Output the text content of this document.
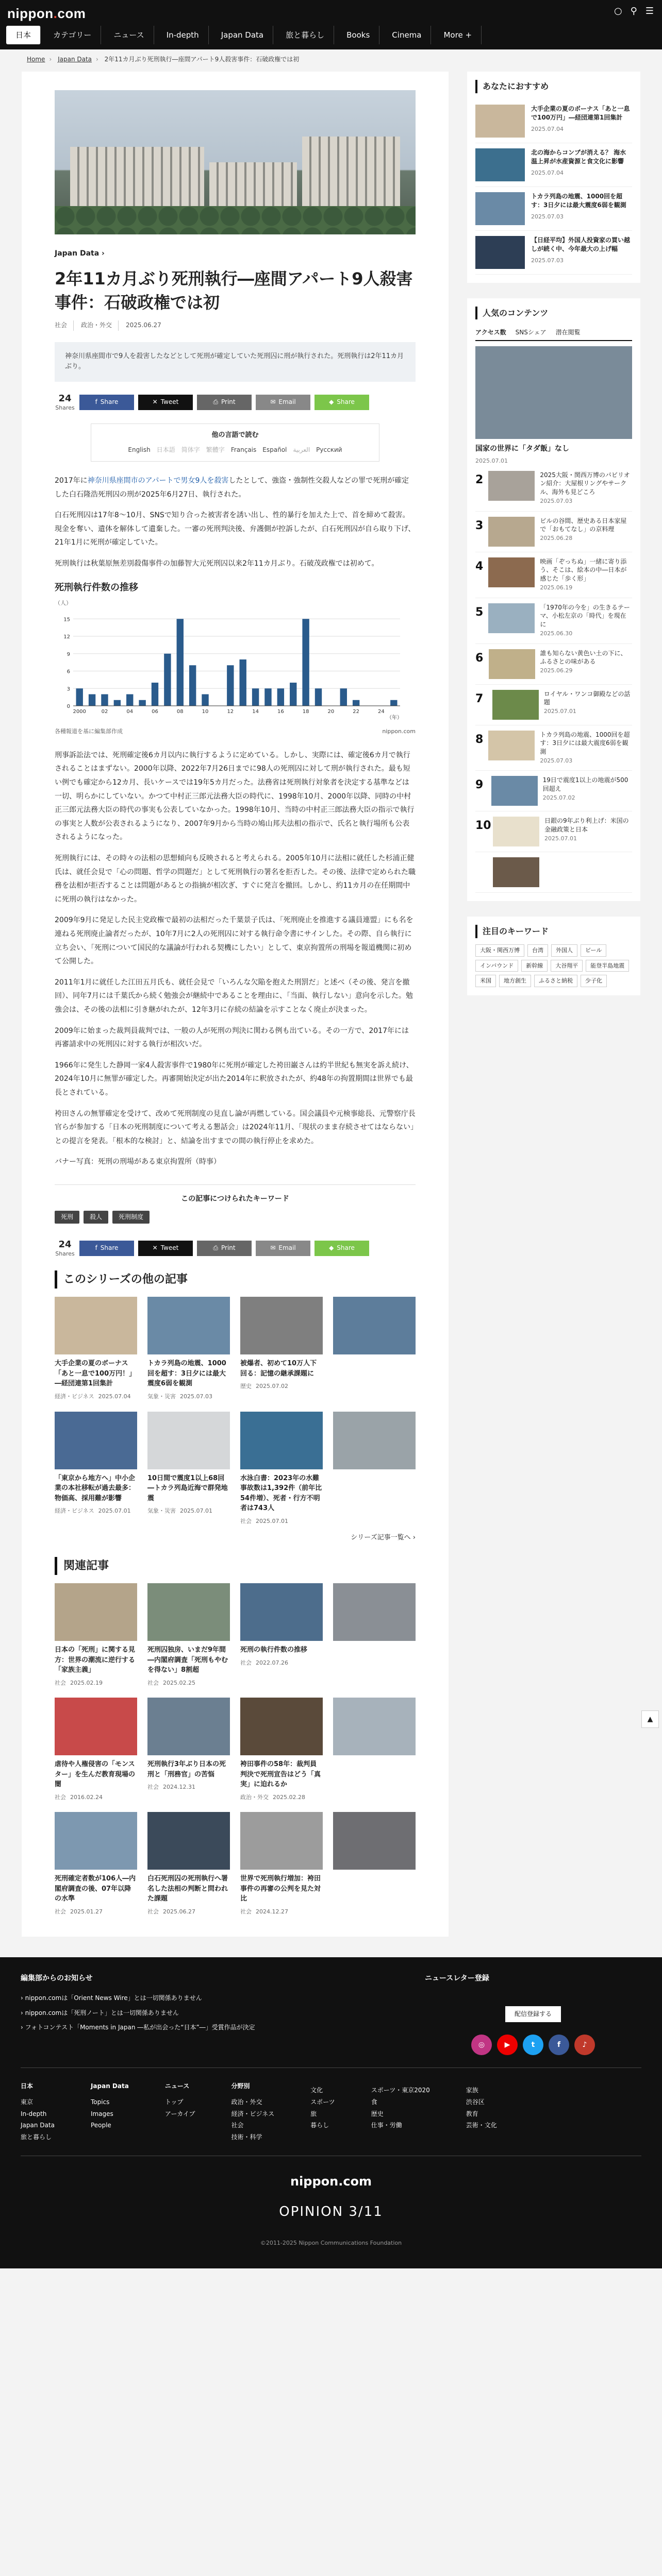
nippon.com	○ ⚲ ☰
日本	カテゴリー	ニュース	In-depth	Japan Data	旅と暮らし	Books	Cinema	More +
Home › Japan Data › 2年11カ月ぶり死刑執行―座間アパート9人殺害事件：石破政権では初
Japan Data ›
2年11カ月ぶり死刑執行―座間アパート9人殺害事件：石破政権では初
社会	政治・外交	2025.06.27
神奈川県座間市で9人を殺害したなどとして死刑が確定していた死刑囚に刑が執行された。死刑執行は2年11カ月ぶり。
24
Shares
f Share	✕ Tweet	⎙ Print	✉ Email	◆ Share
他の言語で読む
English 日本語 简体字 繁體字 Français Español العربية Русский

2017年に神奈川県座間市のアパートで男女9人を殺害したとして、強盗・強制性交殺人などの罪で死刑が確定した白石隆浩死刑囚の刑が2025年6月27日、執行された。

白石死刑囚は17年8～10月、SNSで知り合った被害者を誘い出し、性的暴行を加えた上で、首を締めて殺害。現金を奪い、遺体を解体して遺棄した。一審の死刑判決後、弁護側が控訴したが、白石死刑囚が自ら取り下げ、21年1月に死刑が確定していた。

死刑執行は秋葉原無差別殺傷事件の加藤智大元死刑囚以来2年11カ月ぶり。石破茂政権では初めて。

死刑執行件数の推移
（人）
0
3
6
9
12
15
2000	02	04	06	08	10	12	14	16	18	20	22	24
（年）
各種報道を基に編集部作成	nippon.com

刑事訴訟法では、死刑確定後6カ月以内に執行するように定めている。しかし、実際には、確定後6カ月で執行されることはまずない。2000年以降、2022年7月26日までに98人の死刑囚に対して刑が執行された。最も短い例でも確定から12カ月、長いケースでは19年5カ月だった。法務省は死刑執行対象者を決定する基準などは一切、明らかにしていない。かつて中村正三郎元法務大臣の時代に、1998年10月、2000年以降、同時の中村正三郎元法務大臣の時代の事実も公表していなかった。1998年10月、当時の中村正三郎法務大臣の指示で執行の事実と人数が公表されるようになり、2007年9月から当時の鳩山邦夫法相の指示で、氏名と執行場所も公表されるようになった。

死刑執行には、その時々の法相の思想傾向も反映されると考えられる。2005年10月に法相に就任した杉浦正健氏は、就任会見で「心の問題、哲学の問題だ」として死刑執行の署名を拒否した。その後、法律で定められた職務を法相が拒否することは問題があるとの指摘が相次ぎ、すぐに発言を撤回。しかし、約11カ月の在任期間中に死刑の執行はなかった。

2009年9月に発足した民主党政権で最初の法相だった千葉景子氏は、「死刑廃止を推進する議員連盟」にも名を連ねる死刑廃止論者だったが、10年7月に2人の死刑囚に対する執行命令書にサインした。その際、自ら執行に立ち会い、「死刑について国民的な議論が行われる契機にしたい」として、東京拘置所の刑場を報道機関に初めて公開した。

2011年1月に就任した江田五月氏も、就任会見で「いろんな欠陥を抱えた刑罰だ」と述べ（その後、発言を撤回）、同年7月には千葉氏から続く勉強会が継続中であることを理由に、「当面、執行しない」意向を示した。勉強会は、その後の法相に引き継がれたが、12年3月に存続の結論を示すことなく廃止が決まった。

2009年に始まった裁判員裁判では、一般の人が死刑の判決に関わる例も出ている。その一方で、2017年には再審請求中の死刑囚に対する執行が相次いだ。

1966年に発生した静岡一家4人殺害事件で1980年に死刑が確定した袴田巌さんは約半世紀も無実を訴え続け、2024年10月に無罪が確定した。再審開始決定が出た2014年に釈放されたが、約48年の拘置期間は世界でも最長とされている。

袴田さんの無罪確定を受けて、改めて死刑制度の見直し論が再燃している。国会議員や元検事総長、元警察庁長官らが参加する「日本の死刑制度について考える懇話会」は2024年11月、「現状のまま存続させてはならない」との提言を発表。「根本的な検討」と、結論を出すまでの間の執行停止を求めた。

バナー写真：死刑の刑場がある東京拘置所（時事）

この記事につけられたキーワード
死刑	殺人	死刑制度
24
Shares
f Share	✕ Tweet	⎙ Print	✉ Email	◆ Share
このシリーズの他の記事
大手企業の夏のボーナス「あと一息で100万円！」―経団連第1回集計
経済・ビジネス 2025.07.04
トカラ列島の地震、1000回を超す：3日夕には最大震度6弱を観測
気象・災害 2025.07.03
被爆者、初めて10万人下回る：記憶の継承課題に
歴史 2025.07.02
「東京から地方へ」中小企業の本社移転が過去最多：物価高、採用難が影響
経済・ビジネス 2025.07.01
10日間で震度1以上68回―トカラ列島近海で群発地震
気象・災害 2025.07.01
水泳白書：2023年の水難事故数は1,392件（前年比54件増）、死者・行方不明者は743人
社会 2025.07.01
シリーズ記事一覧へ ›
関連記事
日本の「死刑」に関する見方：世界の潮流に逆行する「家族主義」
社会 2025.02.19
死刑囚独房、いまだ9年間―内閣府調査「死刑もやむを得ない」8割超
社会 2025.02.25
死刑の執行件数の推移
社会 2022.07.26
虐待や人権侵害の「モンスター」を生んだ教育現場の闇
社会 2016.02.24
死刑執行3年ぶり日本の死刑と「刑務官」の苦悩
社会 2024.12.31
袴田事件の58年：裁判員判決で死刑宣告はどう「真実」に迫れるか
政治・外交 2025.02.28
死刑確定者数が106人―内閣府調査の後、07年以降の水準
社会 2025.01.27
白石死刑囚の死刑執行へ署名した法相の判断と問われた課題
社会 2025.06.27
世界で死刑執行増加：袴田事件の再審の公判を見た対比
社会 2024.12.27
あなたにおすすめ
大手企業の夏のボーナス「あと一息で100万円」―経団連第1回集計
2025.07.04
北の海からコンブが消える？ 海水温上昇が水産資源と食文化に影響
2025.07.04
トカラ列島の地震、1000回を超す：3日夕には最大震度6弱を観測
2025.07.03
【日経平均】外国人投資家の買い越しが続く中、今年最大の上げ幅
2025.07.03
人気のコンテンツ
アクセス数 SNSシェア 潜在閲覧
国家の世界に「タダ飯」なし
2025.07.01
2	2025大阪・関西万博のパビリオン紹介：大屋根リングやサークル、海外も見どころ
2025.07.03
3	ビルの谷間、歴史ある日本家屋で「おもてなし」の京料理
2025.06.28
4	映画「ぞっちぬ」一緒に寄り添う、そこは、絵本の中―日本が感じた「歩く形」
2025.06.19
5	「1970年の今を」の生きるテーマ、小松左京の「時代」を現在に
2025.06.30
6	誰も知らない黄色い土の下に、ふるさとの味がある
2025.06.29
7	ロイヤル・ワンコ御殿などの話題
2025.07.01
8	トカラ列島の地震、1000回を超す：3日夕には最大震度6弱を観測
2025.07.03
9	19日で震度1以上の地震が500回超え
2025.07.02
10	日銀の9年ぶり利上げ：米国の金融政策と日本
2025.07.01
注目のキーワード
大阪・関西万博	台湾	外国人	ビール
インバウンド	新幹線	大谷翔平	能登半島地震
米国	地方創生	ふるさと納税	少子化
▲
編集部からのお知らせ
› nippon.comは「Orient News Wire」とは一切関係ありません
› nippon.comは「死刑ノート」とは一切関係ありません
› フォトコンテスト「Moments in Japan ―私が出会った“日本”―」受賞作品が決定
ニュースレター登録
配信登録する
◎	▶	t	f	♪
日本
東京
In-depth
Japan Data
旅と暮らし
Japan Data
Topics
Images
People
ニュース
トップ
アーカイブ
分野別
政治・外交
経済・ビジネス
社会
技術・科学
文化
スポーツ
旅
暮らし
スポーツ・東京2020
食
歴史
仕事・労働
家族
渋谷区
教育
芸術・文化
nippon.com
OPINION 3/11
©2011-2025 Nippon Communications Foundation
